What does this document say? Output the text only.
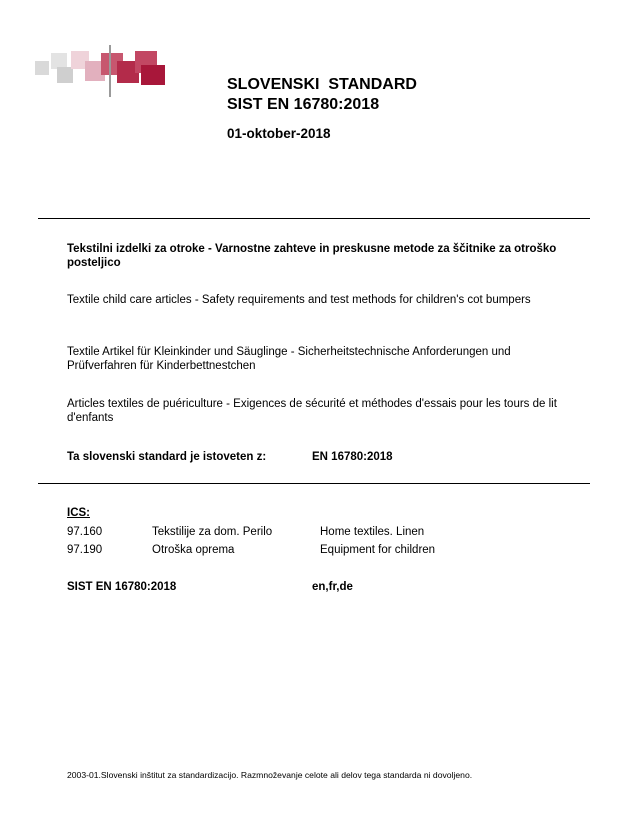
SLOVENSKI  STANDARD
SIST EN 16780:2018
01-oktober-2018
Tekstilni izdelki za otroke - Varnostne zahteve in preskusne metode za ščitnike za otroško posteljico
Textile child care articles - Safety requirements and test methods for children's cot bumpers
Textile Artikel für Kleinkinder und Säuglinge - Sicherheitstechnische Anforderungen und Prüfverfahren für Kinderbettnestchen
Articles textiles de puériculture - Exigences de sécurité et méthodes d'essais pour les tours de lit d'enfants
Ta slovenski standard je istoveten z:	EN 16780:2018
ICS:
97.160	Tekstilije za dom. Perilo	Home textiles. Linen
97.190	Otroška oprema	Equipment for children
SIST EN 16780:2018	en,fr,de
2003-01.Slovenski inštitut za standardizacijo. Razmnoževanje celote ali delov tega standarda ni dovoljeno.
